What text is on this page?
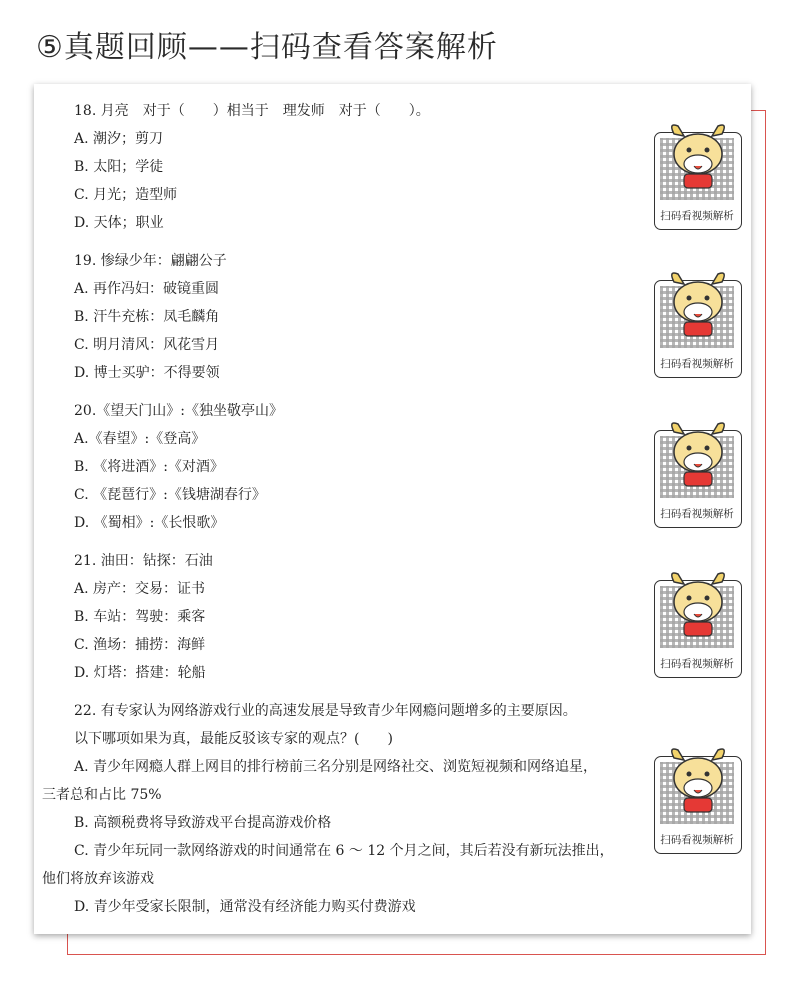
⑤真题回顾——扫码查看答案解析
18. 月亮　对于（　　）相当于　理发师　对于（　　）。
A. 潮汐；剪刀
B. 太阳；学徒
C. 月光；造型师
D. 天体；职业
19. 惨绿少年：翩翩公子
A. 再作冯妇：破镜重圆
B. 汗牛充栋：凤毛麟角
C. 明月清风：风花雪月
D. 博士买驴：不得要领
20.《望天门山》:《独坐敬亭山》
A.《春望》:《登高》
B. 《将进酒》:《对酒》
C. 《琵琶行》:《钱塘湖春行》
D. 《蜀相》:《长恨歌》
21. 油田：钻探：石油
A. 房产：交易：证书
B. 车站：驾驶：乘客
C. 渔场：捕捞：海鲜
D. 灯塔：搭建：轮船
22. 有专家认为网络游戏行业的高速发展是导致青少年网瘾问题增多的主要原因。
以下哪项如果为真，最能反驳该专家的观点？(　　)
A. 青少年网瘾人群上网目的排行榜前三名分别是网络社交、浏览短视频和网络追星，
三者总和占比 75%
B. 高额税费将导致游戏平台提高游戏价格
C. 青少年玩同一款网络游戏的时间通常在 6 ～ 12 个月之间，其后若没有新玩法推出，
他们将放弃该游戏
D. 青少年受家长限制，通常没有经济能力购买付费游戏
扫码看视频解析
扫码看视频解析
扫码看视频解析
扫码看视频解析
扫码看视频解析
